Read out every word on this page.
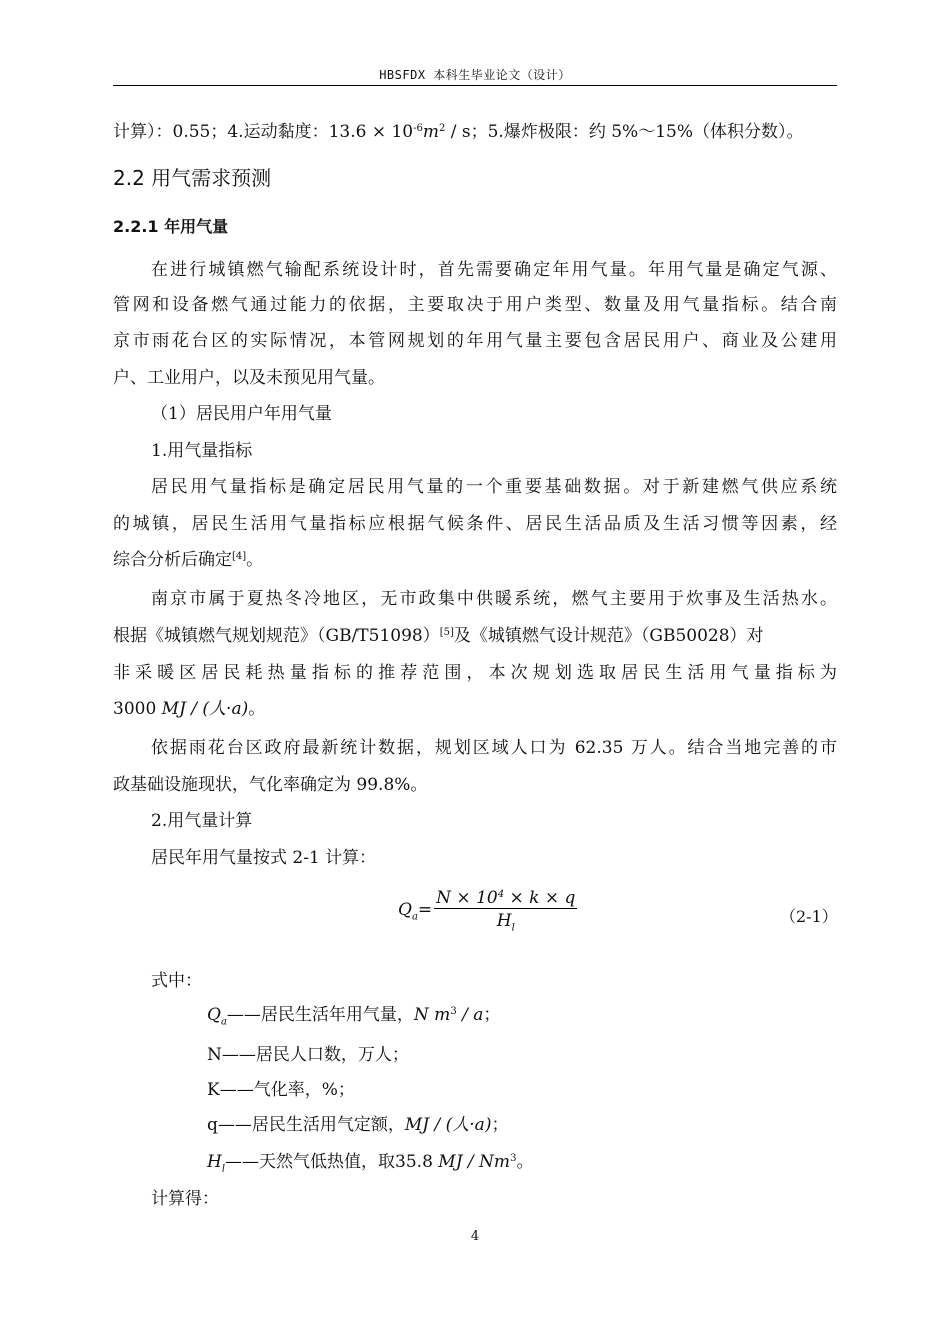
HBSFDX 本科生毕业论文（设计）
计算）：0.55；4.运动黏度：$13.6 \times 10^{-6}m^2 / s$；5.爆炸极限：约 5%～15%（体积分数）。
2.2 用气需求预测
2.2.1 年用气量
在进行城镇燃气输配系统设计时，首先需要确定年用气量。年用气量是确定气源、
管网和设备燃气通过能力的依据，主要取决于用户类型、数量及用气量指标。结合南
京市雨花台区的实际情况，本管网规划的年用气量主要包含居民用户、商业及公建用
户、工业用户，以及未预见用气量。
（1）居民用户年用气量
1.用气量指标
居民用气量指标是确定居民用气量的一个重要基础数据。对于新建燃气供应系统
的城镇，居民生活用气量指标应根据气候条件、居民生活品质及生活习惯等因素，经
综合分析后确定[4]。
南京市属于夏热冬冷地区，无市政集中供暖系统，燃气主要用于炊事及生活热水。
根据《城镇燃气规划规范》（GB/T51098）[5]及《城镇燃气设计规范》（GB50028）对
非采暖区居民耗热量指标的推荐范围，本次规划选取居民生活用气量指标为
3000 MJ / (人·a)。
依据雨花台区政府最新统计数据，规划区域人口为 62.35 万人。结合当地完善的市
政基础设施现状，气化率确定为 99.8%。
2.用气量计算
居民年用气量按式 2-1 计算：
$Q_a= \frac{N \times 10^4 \times k \times q}{H_l}$	（2-1）
式中：
$Q_a——$居民生活年用气量，N $m^3$ / a；
N——居民人口数，万人；
K——气化率，%；
q——居民生活用气定额，MJ / (人·a)；
$H_l——$天然气低热值，取35.8 MJ / Nm$^3$。
计算得：
4
